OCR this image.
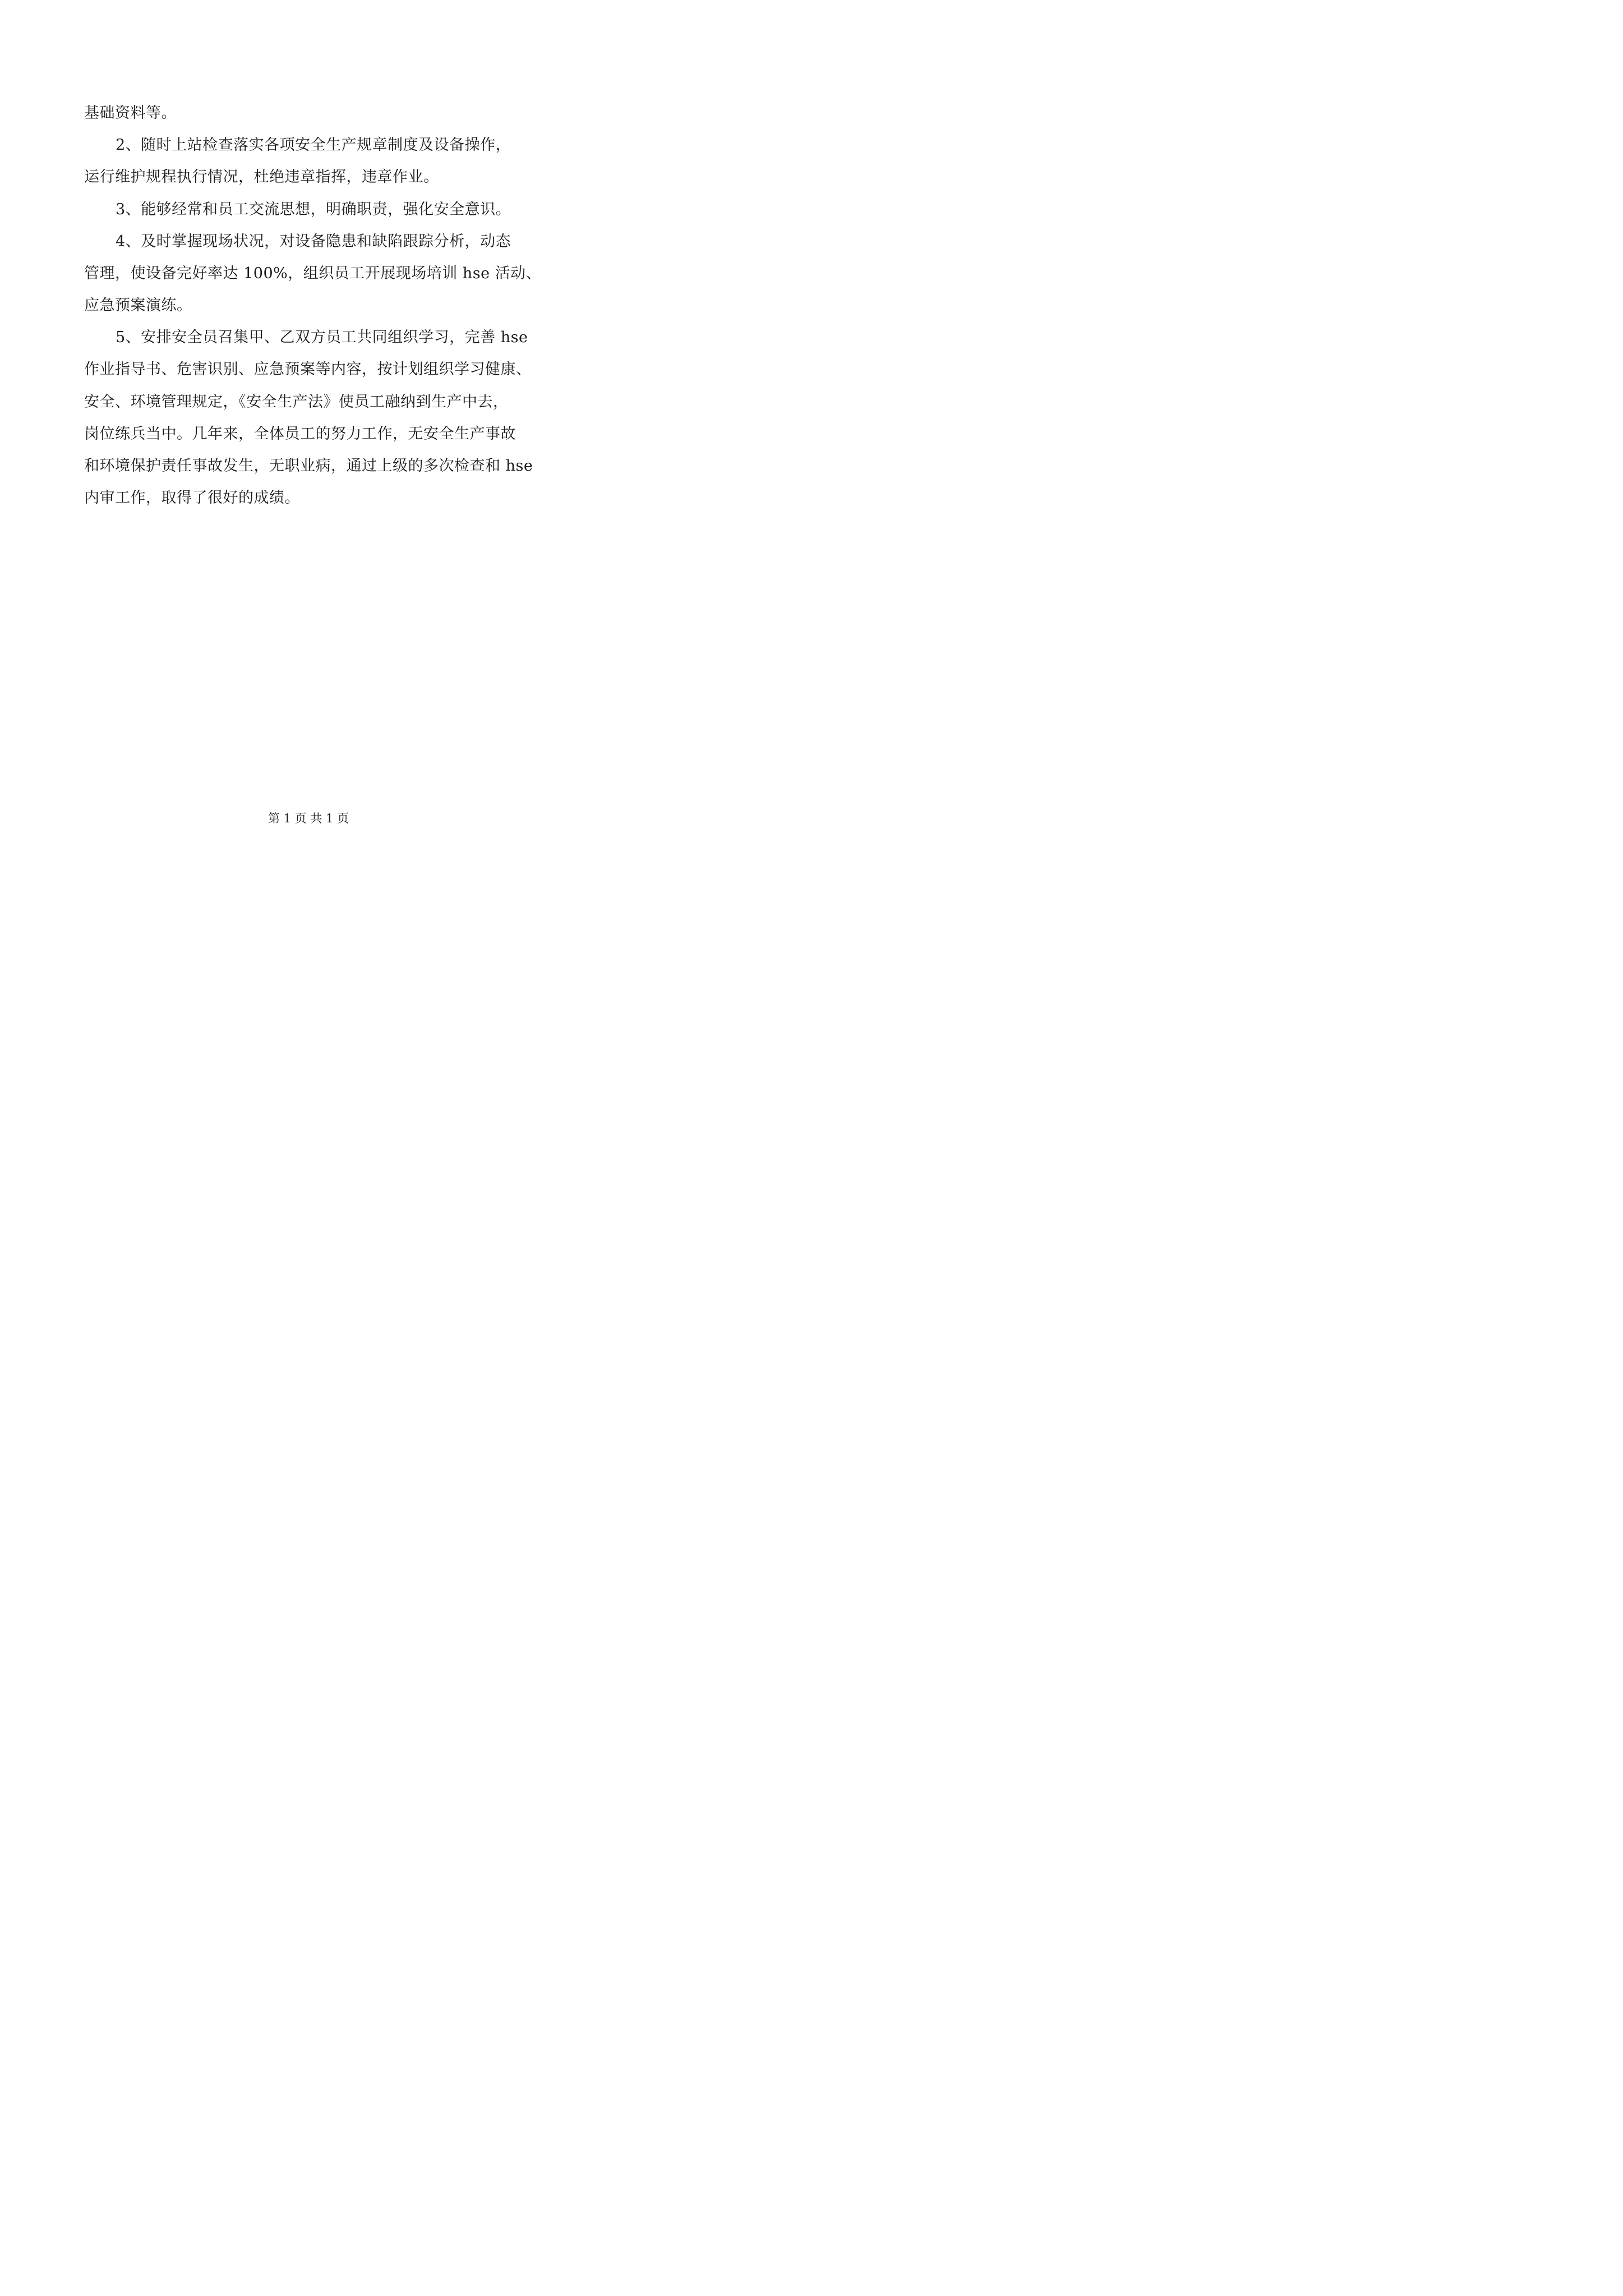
基础资料等。

2、随时上站检查落实各项安全生产规章制度及设备操作，

运行维护规程执行情况，杜绝违章指挥，违章作业。

3、能够经常和员工交流思想，明确职责，强化安全意识。

4、及时掌握现场状况，对设备隐患和缺陷跟踪分析，动态

管理，使设备完好率达 100%，组织员工开展现场培训 hse 活动、

应急预案演练。

5、安排安全员召集甲、乙双方员工共同组织学习，完善 hse

作业指导书、危害识别、应急预案等内容，按计划组织学习健康、

安全、环境管理规定，《安全生产法》使员工融纳到生产中去，

岗位练兵当中。几年来，全体员工的努力工作，无安全生产事故

和环境保护责任事故发生，无职业病，通过上级的多次检查和 hse

内审工作，取得了很好的成绩。

第 1 页 共 1 页
